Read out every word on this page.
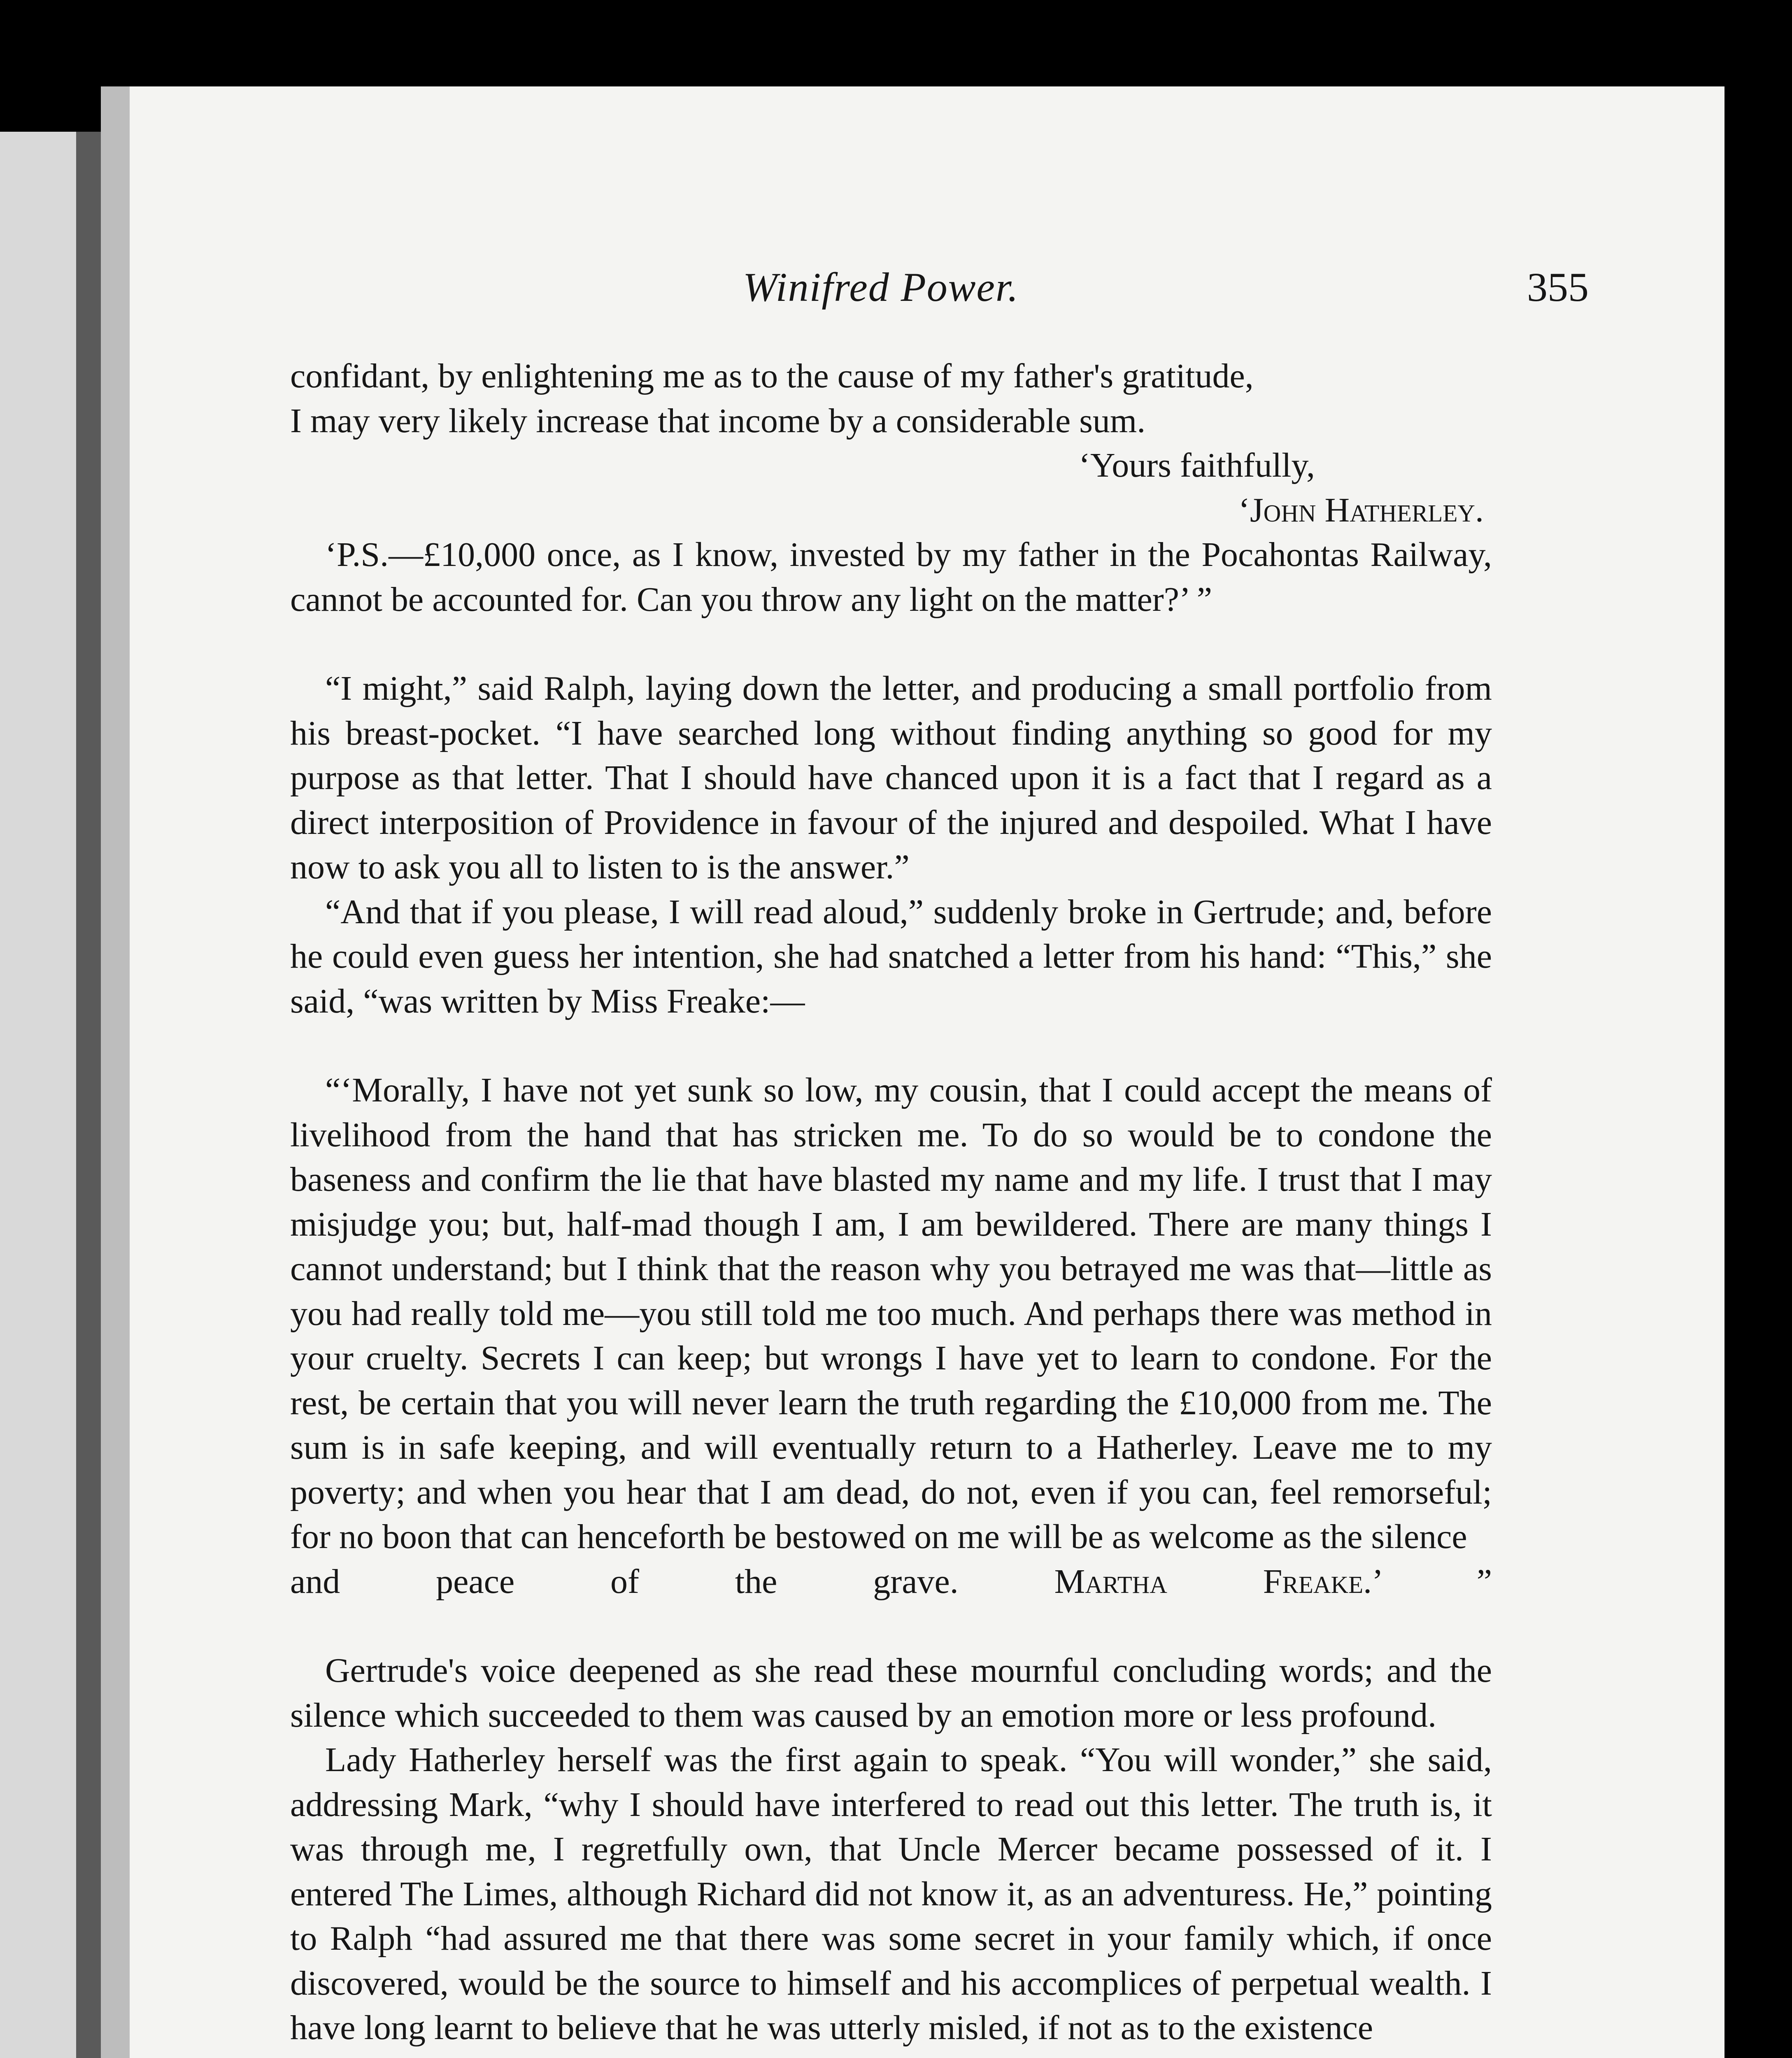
Winifred Power.	355

confidant, by enlightening me as to the cause of my father's gratitude,

I may very likely increase that income by a considerable sum.

‘Yours faithfully,

‘John Hatherley.

‘P.S.—£10,000 once, as I know, invested by my father in the Pocahontas Railway, cannot be accounted for. Can you throw any light on the matter?’ ”

“I might,” said Ralph, laying down the letter, and producing a small portfolio from his breast-pocket. “I have searched long without finding anything so good for my purpose as that letter. That I should have chanced upon it is a fact that I regard as a direct interposition of Providence in favour of the injured and despoiled. What I have now to ask you all to listen to is the answer.”

“And that if you please, I will read aloud,” suddenly broke in Gertrude; and, before he could even guess her intention, she had snatched a letter from his hand: “This,” she said, “was written by Miss Freake:—

“‘Morally, I have not yet sunk so low, my cousin, that I could accept the means of livelihood from the hand that has stricken me. To do so would be to condone the baseness and confirm the lie that have blasted my name and my life. I trust that I may misjudge you; but, half-mad though I am, I am bewildered. There are many things I cannot understand; but I think that the reason why you betrayed me was that—little as you had really told me—you still told me too much. And perhaps there was method in your cruelty. Secrets I can keep; but wrongs I have yet to learn to condone. For the rest, be certain that you will never learn the truth regarding the £10,000 from me. The sum is in safe keeping, and will eventually return to a Hatherley. Leave me to my poverty; and when you hear that I am dead, do not, even if you can, feel remorseful; for no boon that can henceforth be bestowed on me will be as welcome as the silence

and peace of the grave.	Martha Freake.’ ”

Gertrude's voice deepened as she read these mournful concluding words; and the silence which succeeded to them was caused by an emotion more or less profound.

Lady Hatherley herself was the first again to speak. “You will wonder,” she said, addressing Mark, “why I should have interfered to read out this letter. The truth is, it was through me, I regretfully own, that Uncle Mercer became possessed of it. I entered The Limes, although Richard did not know it, as an adventuress. He,” pointing to Ralph “had assured me that there was some secret in your family which, if once discovered, would be the source to himself and his accomplices of perpetual wealth. I have long learnt to believe that he was utterly misled, if not as to the existence
